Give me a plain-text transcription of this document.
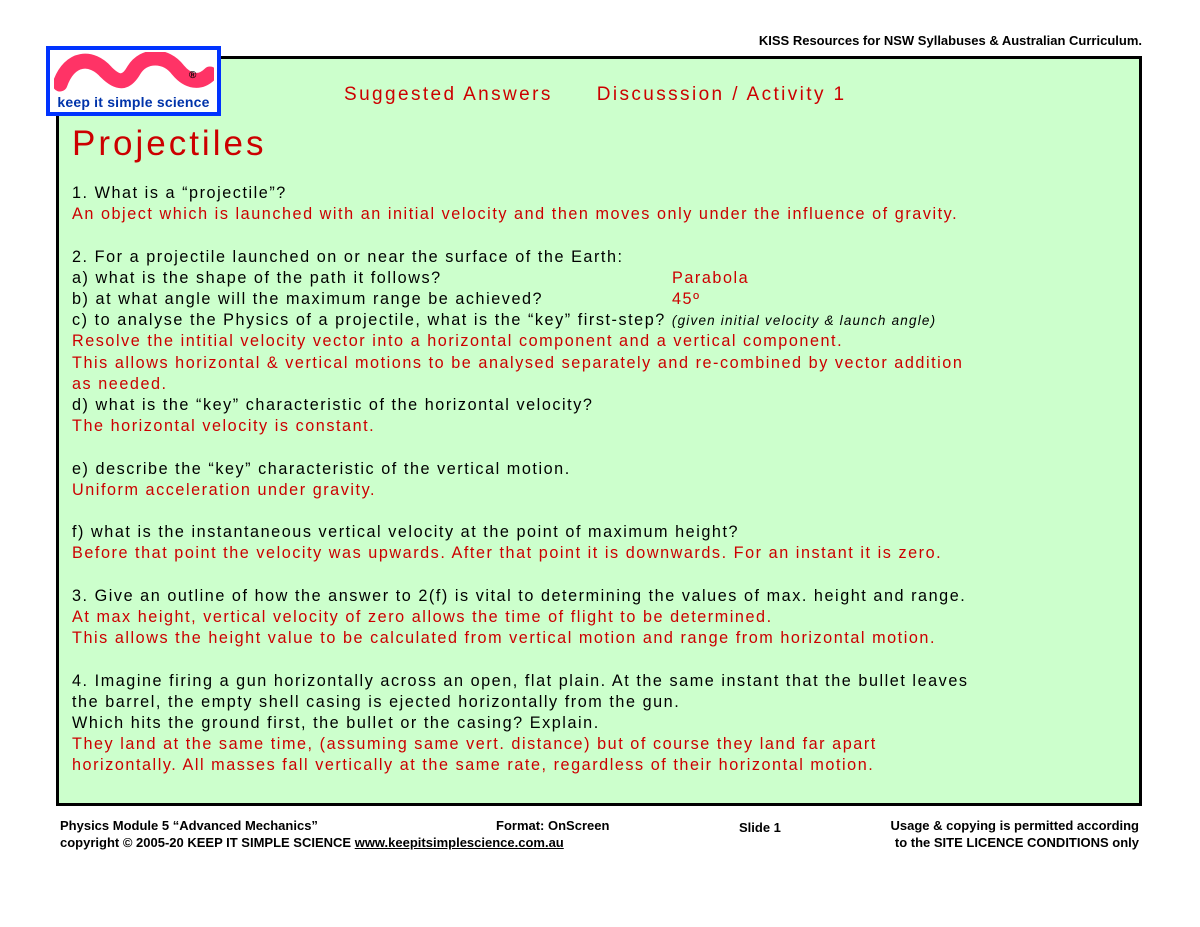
KISS Resources for NSW Syllabuses & Australian Curriculum.
®
keep it simple science	Suggested Answers Discusssion / Activity 1
Projectiles
1. What is a “projectile”?
An object which is launched with an initial velocity and then moves only under the influence of gravity.
2. For a projectile launched on or near the surface of the Earth:
a) what is the shape of the path it follows?	Parabola
b) at what angle will the maximum range be achieved?	45º
c) to analyse the Physics of a projectile, what is the “key” first-step? (given initial velocity & launch angle)
Resolve the intitial velocity vector into a horizontal component and a vertical component.
This allows horizontal & vertical motions to be analysed separately and re-combined by vector addition
as needed.
d) what is the “key” characteristic of the horizontal velocity?
The horizontal velocity is constant.
e) describe the “key” characteristic of the vertical motion.
Uniform acceleration under gravity.
f) what is the instantaneous vertical velocity at the point of maximum height?
Before that point the velocity was upwards. After that point it is downwards. For an instant it is zero.
3. Give an outline of how the answer to 2(f) is vital to determining the values of max. height and range.
At max height, vertical velocity of zero allows the time of flight to be determined.
This allows the height value to be calculated from vertical motion and range from horizontal motion.
4. Imagine firing a gun horizontally across an open, flat plain. At the same instant that the bullet leaves
the barrel, the empty shell casing is ejected horizontally from the gun.
Which hits the ground first, the bullet or the casing? Explain.
They land at the same time, (assuming same vert. distance) but of course they land far apart
horizontally. All masses fall vertically at the same rate, regardless of their horizontal motion.
Physics Module 5 “Advanced Mechanics”
copyright © 2005-20 KEEP IT SIMPLE SCIENCE www.keepitsimplescience.com.au
Format: OnScreen	Slide 1	Usage & copying is permitted according
to the SITE LICENCE CONDITIONS only
